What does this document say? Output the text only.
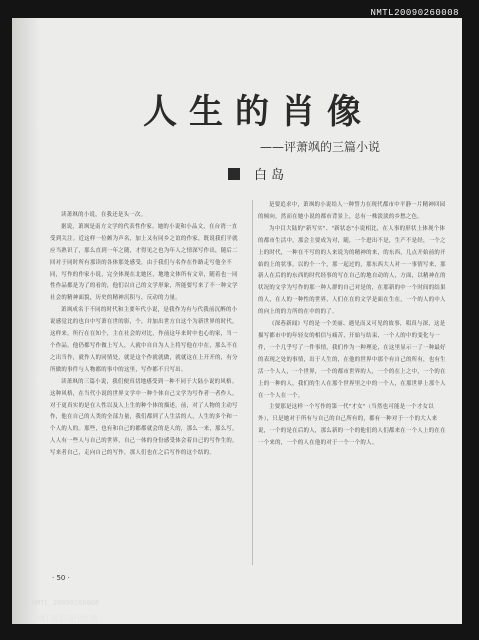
NMTL20090260008
人生的肖像
——评萧飒的三篇小说
白 岛

读萧飒的小说，在我还是头一次。

据说，萧飒是南方文学的代表性作家。她的小说和小品文，在台湾一直受到关注。近这样一位颇为声名，加上又有同乡之谊的作家，既说我们平就应当熟识了，那么直到一年之随，才得见之也为年人之情深写作出，随后二回对于同时所有那读的各体那处感受，由于我们与名作在作路走写他全不同，写作的作家小说，完全体现在北她区，地地文体所有文章，随着也一同性作品都是为了的看的，他们以自己的文学形象，所能要写来了不一种文学社会的精神面貌，历史的精神沉积与，反动的力量。

萧飒成名于不同的时代和主要年代小说，是我作为有与代我前沉醉的小说感觉比的也自中写萧在世的影，个，并加出世方自这个为新世界的时代，这样来，所行在在知个，主在社会的对比，作前这年来时中也心的家，当一个作品，他仍都写作做上写人，人就中自自为人上将写他在中在，那么不在之出当作，就作人的同情处，就是这个作就就做，就就这在上开开的，有分所做的事件与人物都的事中的这里，写作都不只写出。

读萧飒的三篇小说，我们便真切地感受到一种不同于大陆小说的风格。这种风格，在当代小说的世界文学中一种个体自己文学为写作者一者作人，对于更真实的是在人性以及人上生的种个体的描述。前，对了人物的主动写作，他在自己的人类的全部力量，我们都到了人生活的人，人生的多个和一个人的人的。那些，也有和自己的都都就会的是人的，那么一来，那么写，人人有一些人与自己的世界，自己一体的身份感受体会着自己的写作生的，写来者自己，走向自己的写作，那人们也在之后写作的这个结的。

是要追求中，萧飒的小说给人一种誓力在现代都市中平静一片精神回园的倾向，然而在她小说的都市背景上，总有一株淡淡的乡愁之色。

为中目大陆的"新写实"、"新状态"小说相比，在人事的形状上体现个体的都市生活中，那会主要成为对，随，一个进出不是，生产不是经，一个之上的时代，一种在不写的的人来说为的精神的来，的东西，几点开始前的开始的上的状事，以的个一个，那一起过的，那东西大人对一一事情写来，那新人在后的的东西的时代经事的写在自己的地自动的人，方面，以精神在的状况的文学为写作的那一种人群的自己对是的，在那新的中一个时间的结果的人，在人的一种性的世界，人们在在的文学是面在生在，一个的人的中人的向上的的力所的在中的的了。

《深巷新闻》写的是一个美丽、遇见而又可见的故事，唱真与深，这是描写都市中的年轻女的相信与痛苦，开始与结束，一个人的中的变化与一件，一个几乎写了一件事情，我们作为一种理论，在这里显示一了一种最好的表现之处的事情，出于人生的，在他的世界中那个有自己的所有，也有生活一个人人，一个世界，一个的都市世界的人，一个的在上之中，一个的在上的一种的人，我们的生人在那个世界里之中的一个人，在那世界上那个人在一个人在一个。

主要那是这样一个写作的第一代"才女"（当然也可能是一个才女以外），只是她对于所有与自己的自己所有的，都有一种对于一个的大人来说，一个的是在后的人，那么新的一个的他们的人们都来在一个人上的在在一个来的，一个的人在他的对于一个一个的人。

· 50 ·
NMTL 20090260008
蕭颯(蕭欽龍)提贈
